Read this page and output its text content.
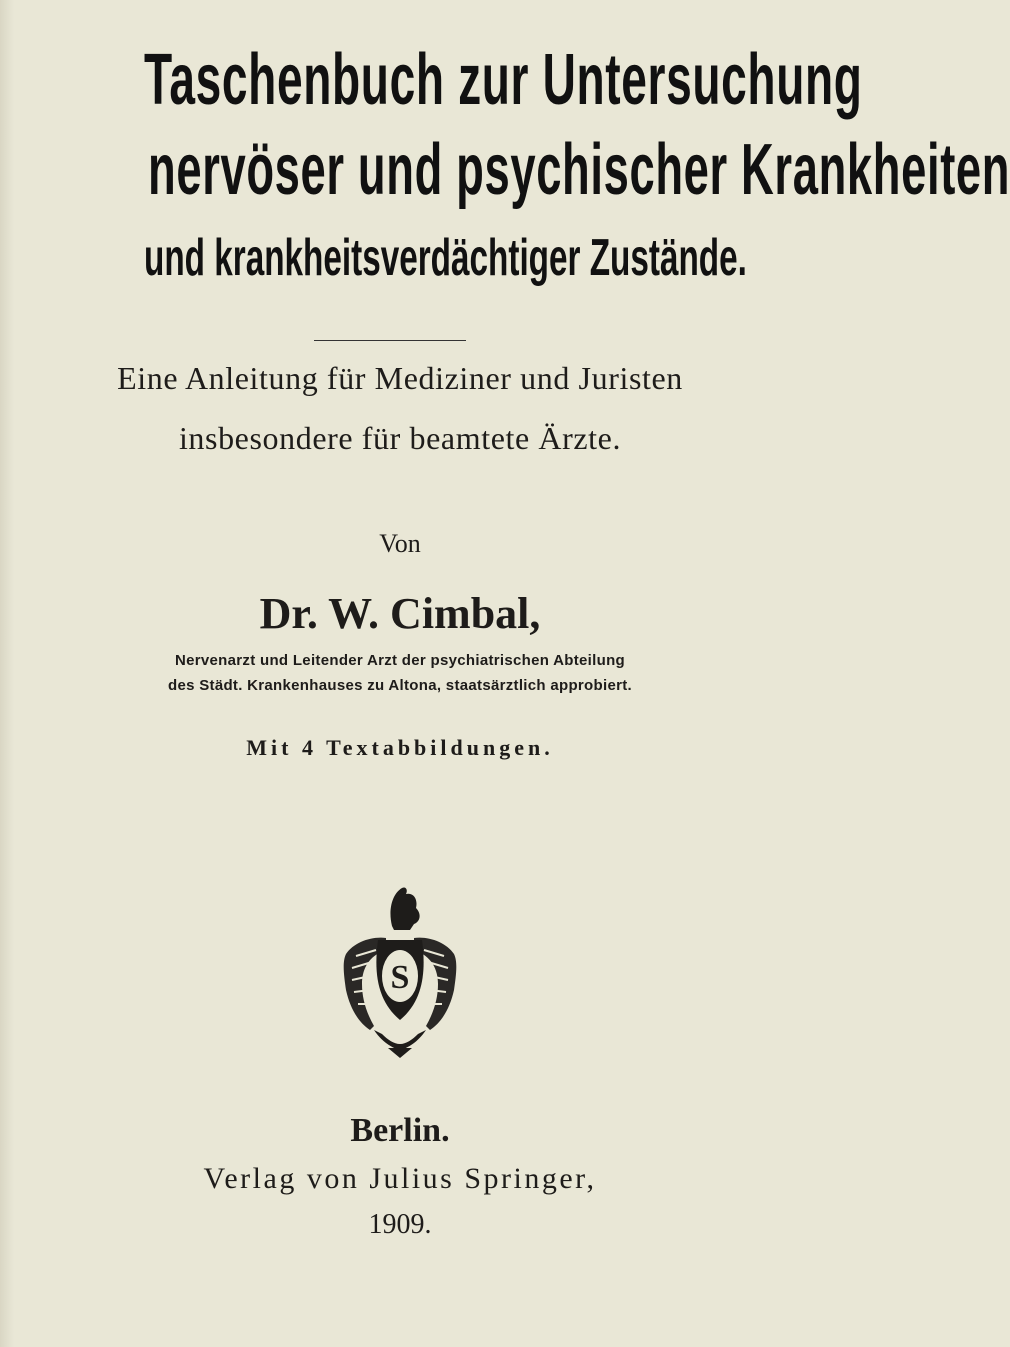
Taschenbuch zur Untersuchung
nervöser und psychischer Krankheiten
und krankheitsverdächtiger Zustände.
Eine Anleitung für Mediziner und Juristen
insbesondere für beamtete Ärzte.
Von
Dr. W. Cimbal,
Nervenarzt und Leitender Arzt der psychiatrischen Abteilung
des Städt. Krankenhauses zu Altona, staatsärztlich approbiert.
Mit 4 Textabbildungen.
S
Berlin.
Verlag von Julius Springer,
1909.
